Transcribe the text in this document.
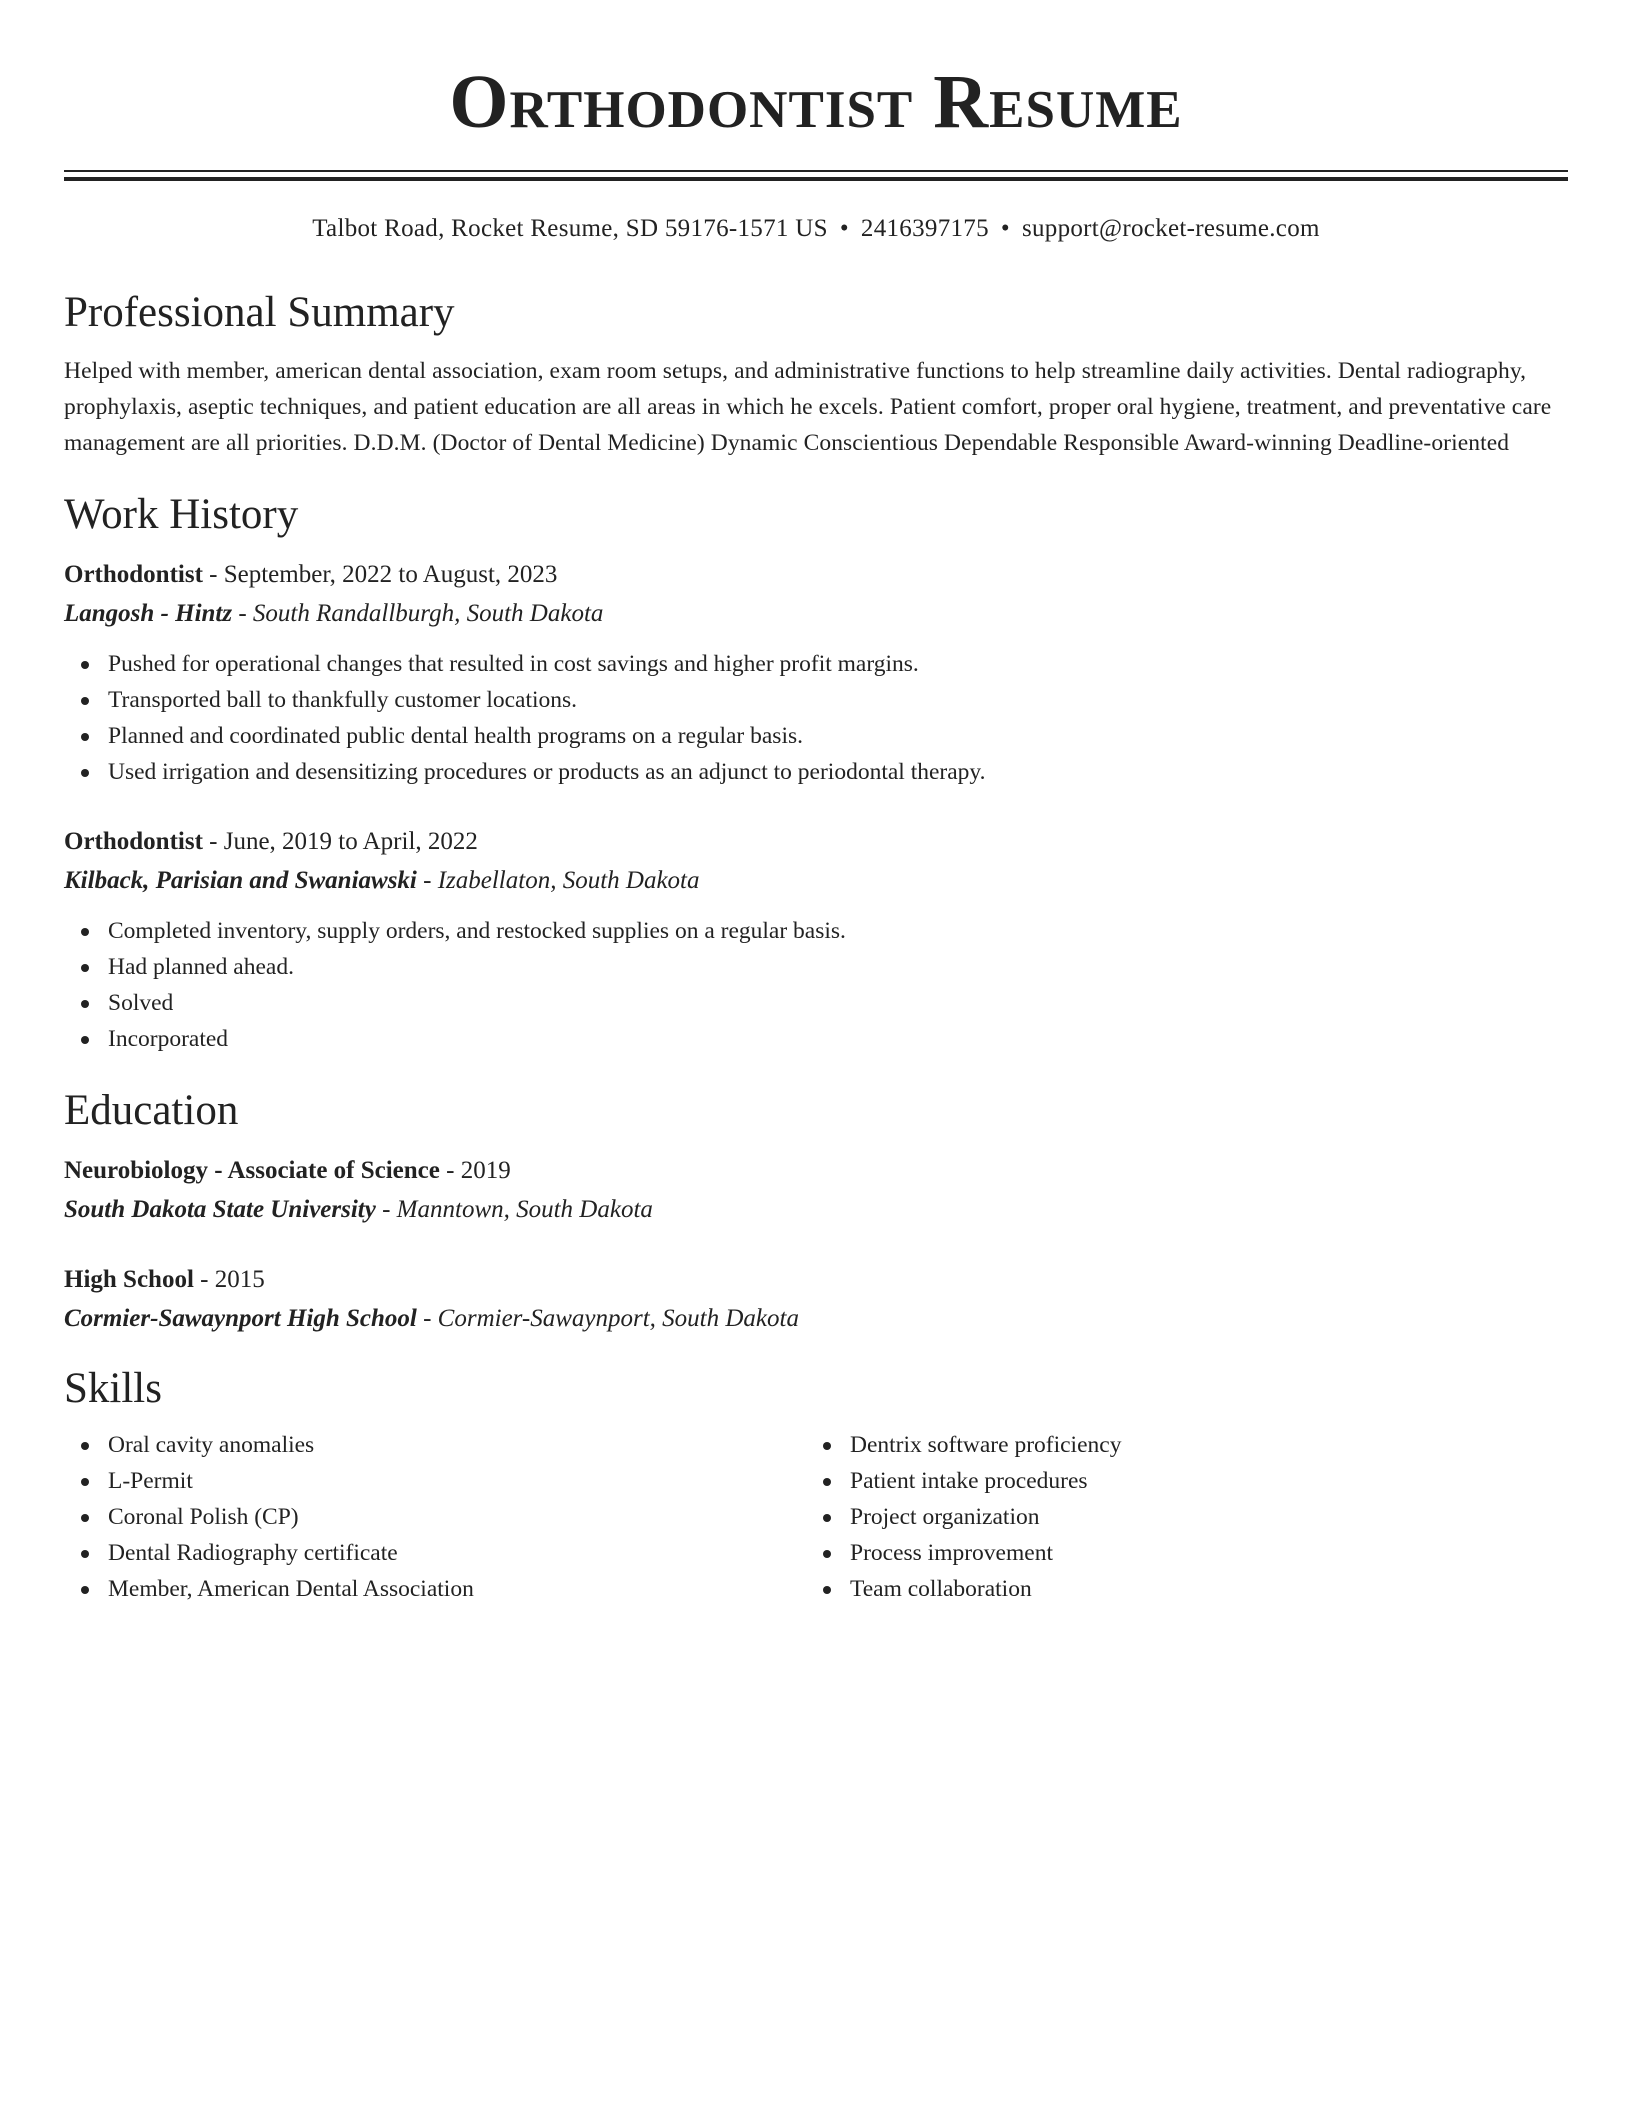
Orthodontist Resume
Talbot Road, Rocket Resume, SD 59176-1571 US • 2416397175 • support@rocket-resume.com
Professional Summary

Helped with member, american dental association, exam room setups, and administrative functions to help streamline daily activities. Dental radiography, prophylaxis, aseptic techniques, and patient education are all areas in which he excels. Patient comfort, proper oral hygiene, treatment, and preventative care management are all priorities. D.D.M. (Doctor of Dental Medicine) Dynamic Conscientious Dependable Responsible Award-winning Deadline-oriented

Work History
Orthodontist - September, 2022 to August, 2023
Langosh - Hintz - South Randallburgh, South Dakota
Pushed for operational changes that resulted in cost savings and higher profit margins.
Transported ball to thankfully customer locations.
Planned and coordinated public dental health programs on a regular basis.
Used irrigation and desensitizing procedures or products as an adjunct to periodontal therapy.
Orthodontist - June, 2019 to April, 2022
Kilback, Parisian and Swaniawski - Izabellaton, South Dakota
Completed inventory, supply orders, and restocked supplies on a regular basis.
Had planned ahead.
Solved
Incorporated
Education
Neurobiology - Associate of Science - 2019
South Dakota State University - Manntown, South Dakota
High School - 2015
Cormier-Sawaynport High School - Cormier-Sawaynport, South Dakota
Skills
Oral cavity anomalies
L-Permit
Coronal Polish (CP)
Dental Radiography certificate
Member, American Dental Association
Dentrix software proficiency
Patient intake procedures
Project organization
Process improvement
Team collaboration
